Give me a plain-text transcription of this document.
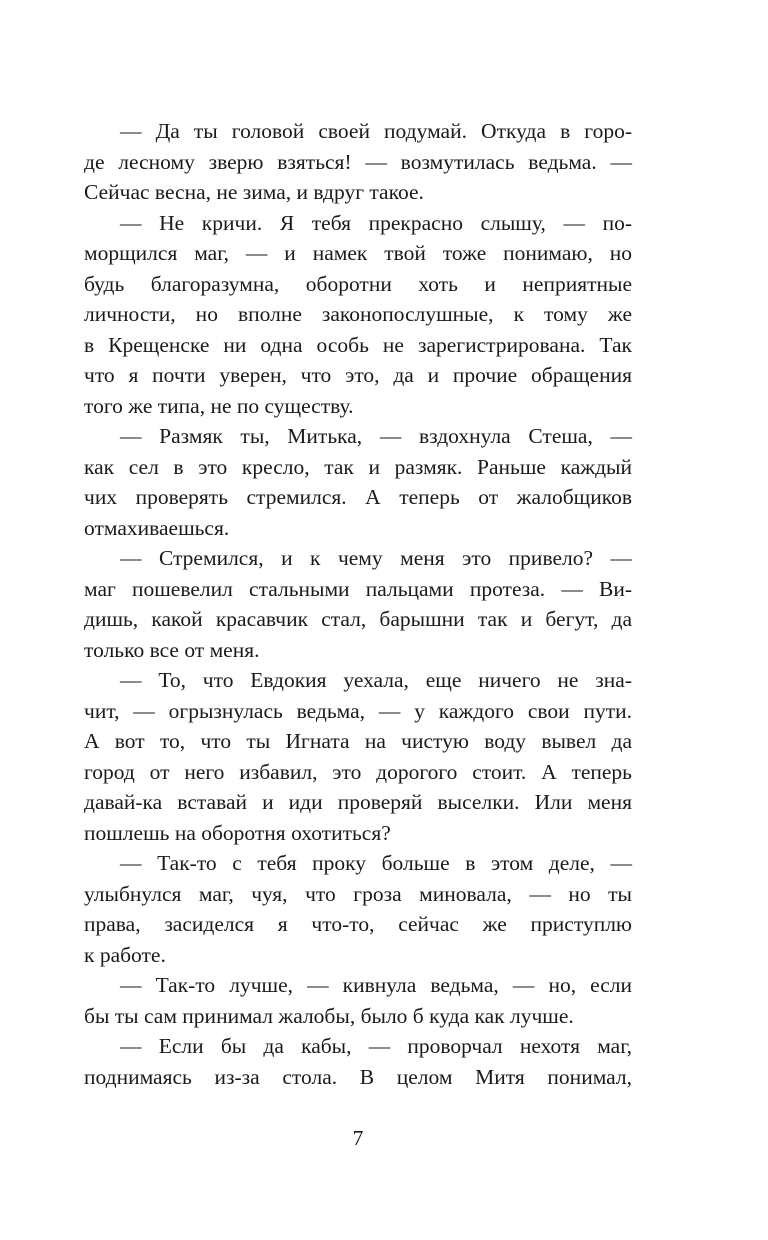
— Да ты головой своей подумай. Откуда в горо-
де лесному зверю взяться! — возмутилась ведьма. —
Сейчас весна, не зима, и вдруг такое.
— Не кричи. Я тебя прекрасно слышу, — по-
морщился маг, — и намек твой тоже понимаю, но
будь благоразумна, оборотни хоть и неприятные
личности, но вполне законопослушные, к тому же
в Крещенске ни одна особь не зарегистрирована. Так
что я почти уверен, что это, да и прочие обращения
того же типа, не по существу.
— Размяк ты, Митька, — вздохнула Стеша, —
как сел в это кресло, так и размяк. Раньше каждый
чих проверять стремился. А теперь от жалобщиков
отмахиваешься.
— Стремился, и к чему меня это привело? —
маг пошевелил стальными пальцами протеза. — Ви-
дишь, какой красавчик стал, барышни так и бегут, да
только все от меня.
— То, что Евдокия уехала, еще ничего не зна-
чит, — огрызнулась ведьма, — у каждого свои пути.
А вот то, что ты Игната на чистую воду вывел да
город от него избавил, это дорогого стоит. А теперь
давай-ка вставай и иди проверяй выселки. Или меня
пошлешь на оборотня охотиться?
— Так-то с тебя проку больше в этом деле, —
улыбнулся маг, чуя, что гроза миновала, — но ты
права, засиделся я что-то, сейчас же приступлю
к работе.
— Так-то лучше, — кивнула ведьма, — но, если
бы ты сам принимал жалобы, было б куда как лучше.
— Если бы да кабы, — проворчал нехотя маг,
поднимаясь из-за стола. В целом Митя понимал,
7
